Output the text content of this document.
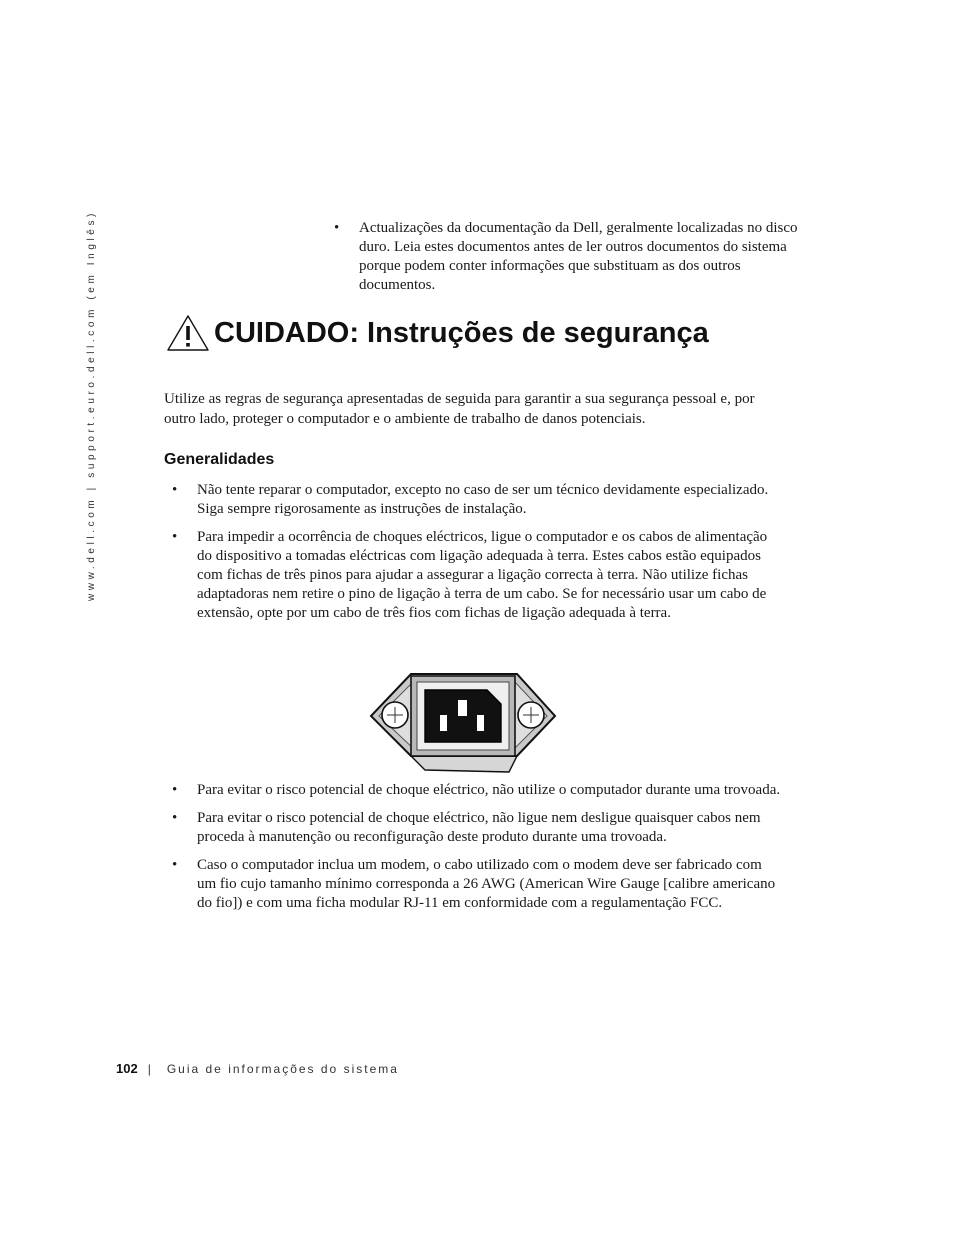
www.dell.com | support.euro.dell.com (em Inglês)	• Actualizações da documentação da Dell, geralmente localizadas no disco duro. Leia estes documentos antes de ler outros documentos do sistema porque podem conter informações que substituam as dos outros documentos.
CUIDADO: Instruções de segurança

Utilize as regras de segurança apresentadas de seguida para garantir a sua segurança pessoal e, por outro lado, proteger o computador e o ambiente de trabalho de danos potenciais.

Generalidades
• Não tente reparar o computador, excepto no caso de ser um técnico devidamente especializado. Siga sempre rigorosamente as instruções de instalação.
• Para impedir a ocorrência de choques eléctricos, ligue o computador e os cabos de alimentação do dispositivo a tomadas eléctricas com ligação adequada à terra. Estes cabos estão equipados com fichas de três pinos para ajudar a assegurar a ligação correcta à terra. Não utilize fichas adaptadoras nem retire o pino de ligação à terra de um cabo. Se for necessário usar um cabo de extensão, opte por um cabo de três fios com fichas de ligação adequada à terra.
• Para evitar o risco potencial de choque eléctrico, não utilize o computador durante uma trovoada.
• Para evitar o risco potencial de choque eléctrico, não ligue nem desligue quaisquer cabos nem proceda à manutenção ou reconfiguração deste produto durante uma trovoada.
• Caso o computador inclua um modem, o cabo utilizado com o modem deve ser fabricado com um fio cujo tamanho mínimo corresponda a 26 AWG (American Wire Gauge [calibre americano do fio]) e com uma ficha modular RJ-11 em conformidade com a regulamentação FCC.
102 | Guia de informações do sistema
